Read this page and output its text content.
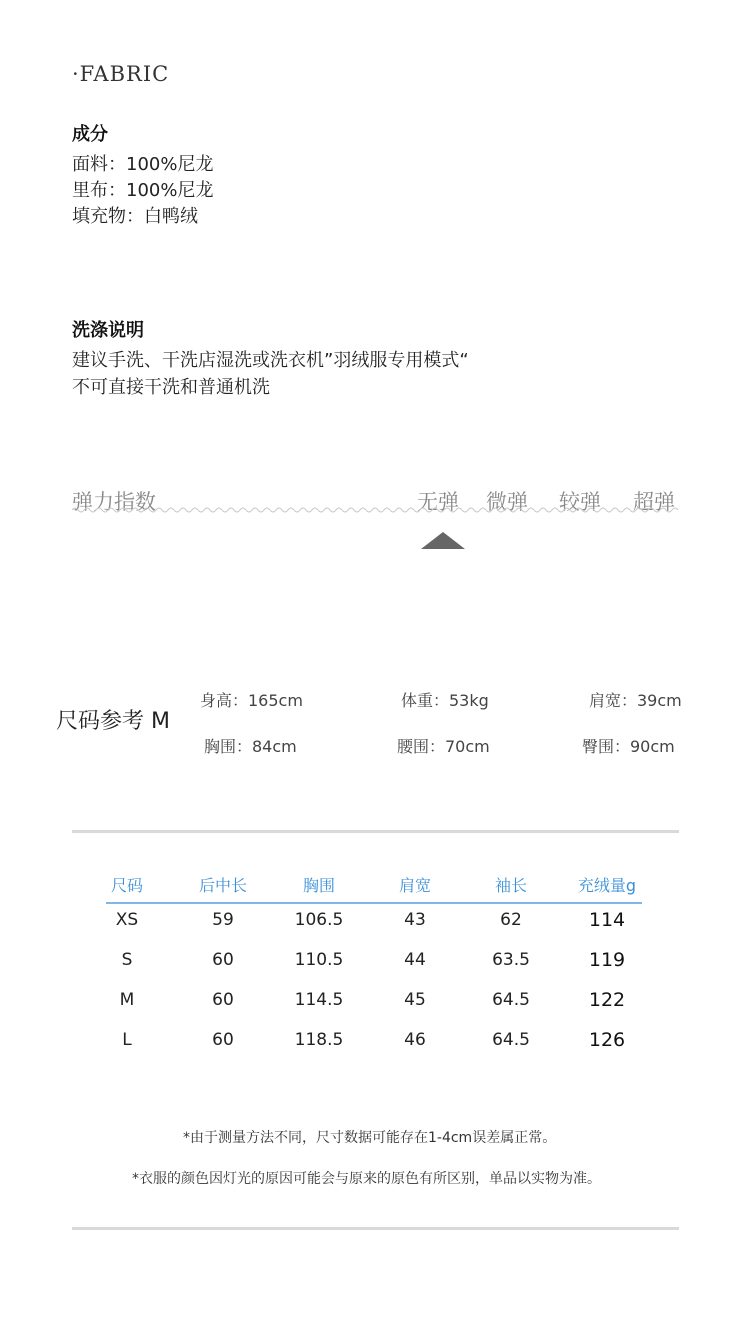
·FABRIC
成分
面料：100%尼龙
里布：100%尼龙
填充物：白鸭绒
洗涤说明
建议手洗、干洗店湿洗或洗衣机”羽绒服专用模式“
不可直接干洗和普通机洗
弹力指数	无弹 微弹 较弹 超弹
尺码参考 M
身高：165cm	体重：53kg	肩宽：39cm
胸围：84cm	腰围：70cm	臀围：90cm
尺码	后中长	胸围	肩宽	袖长	充绒量g
XS	59	106.5	43	62	114
S	60	110.5	44	63.5	119
M	60	114.5	45	64.5	122
L	60	118.5	46	64.5	126
*由于测量方法不同，尺寸数据可能存在1-4cm误差属正常。
*衣服的颜色因灯光的原因可能会与原来的原色有所区别，单品以实物为准。
